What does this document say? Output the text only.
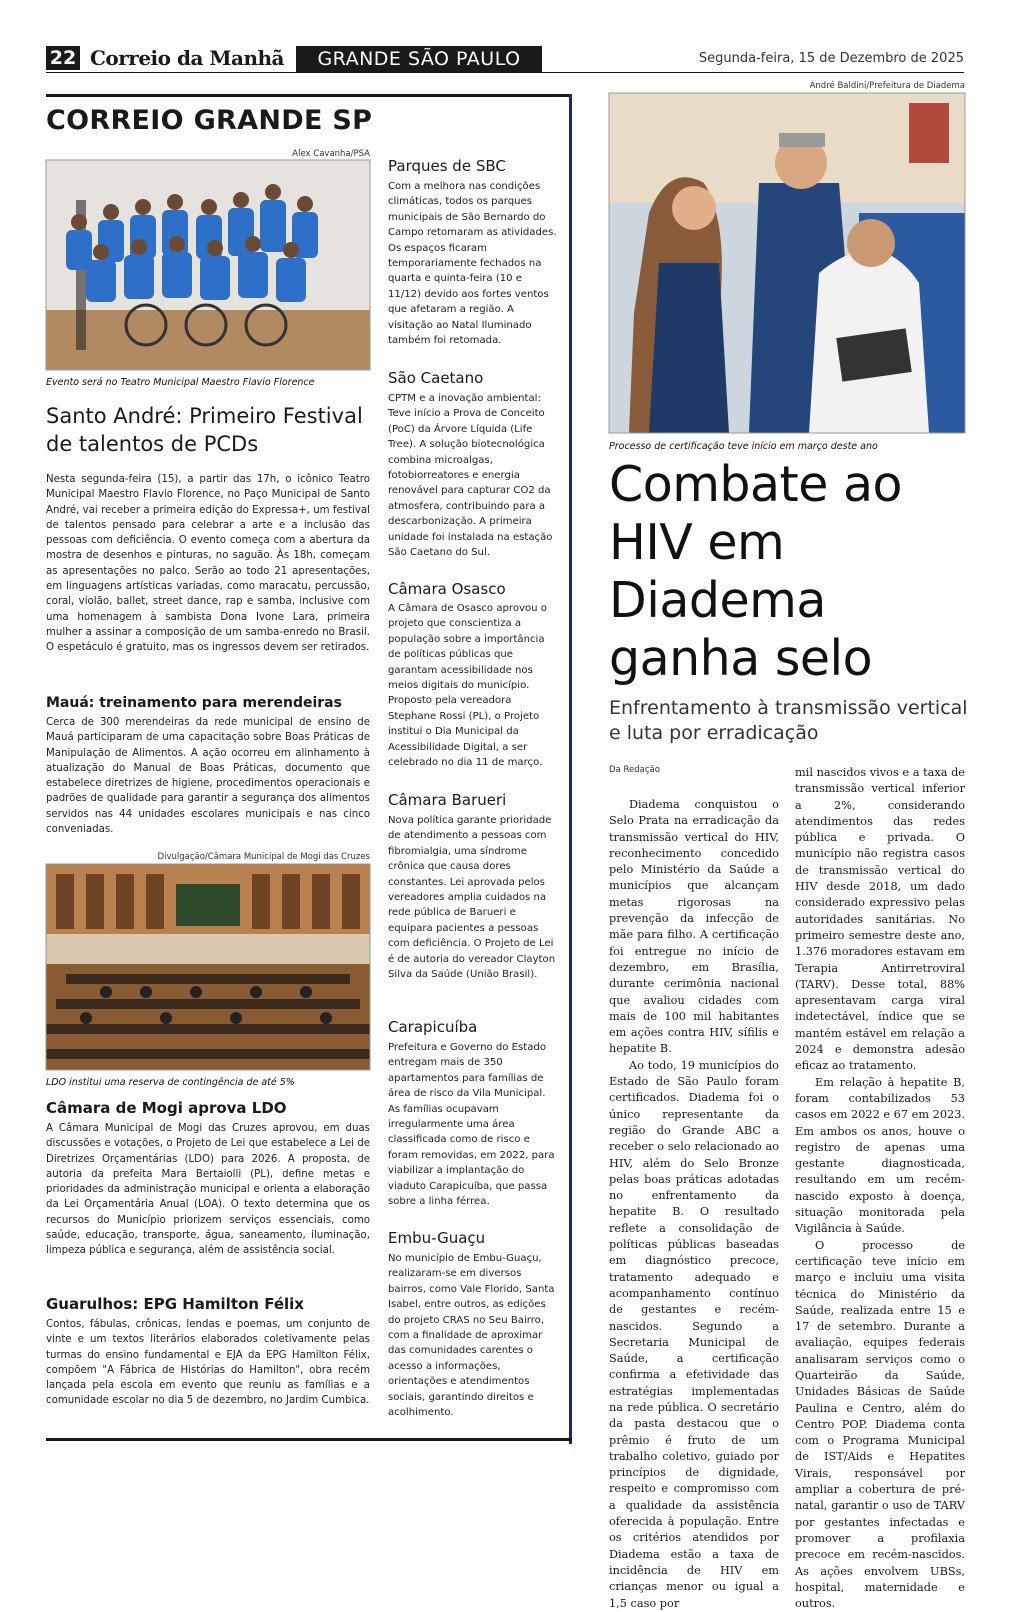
22 Correio da Manhã	GRANDE SÃO PAULO	Segunda-feira, 15 de Dezembro de 2025
CORREIO GRANDE SP
Alex Cavanha/PSA
Evento será no Teatro Municipal Maestro Flavio Florence
Santo André: Primeiro Festival de talentos de PCDs
Nesta segunda-feira (15), a partir das 17h, o icônico Teatro Municipal Maestro Flavio Florence, no Paço Municipal de Santo André, vai receber a primeira edição do Expressa+, um festival de talentos pensado para celebrar a arte e a inclusão das pessoas com deficiência. O evento começa com a abertura da mostra de desenhos e pinturas, no saguão. Às 18h, começam as apresentações no palco. Serão ao todo 21 apresentações, em linguagens artísticas variadas, como maracatu, percussão, coral, violão, ballet, street dance, rap e samba, inclusive com uma homenagem à sambista Dona Ivone Lara, primeira mulher a assinar a composição de um samba-enredo no Brasil. O espetáculo é gratuito, mas os ingressos devem ser retirados.
Mauá: treinamento para merendeiras
Cerca de 300 merendeiras da rede municipal de ensino de Mauá participaram de uma capacitação sobre Boas Práticas de Manipulação de Alimentos. A ação ocorreu em alinhamento à atualização do Manual de Boas Práticas, documento que estabelece diretrizes de higiene, procedimentos operacionais e padrões de qualidade para garantir a segurança dos alimentos servidos nas 44 unidades escolares municipais e nas cinco conveniadas.
Divulgação/Câmara Municipal de Mogi das Cruzes
LDO institui uma reserva de contingência de até 5%
Câmara de Mogi aprova LDO
A Câmara Municipal de Mogi das Cruzes aprovou, em duas discussões e votações, o Projeto de Lei que estabelece a Lei de Diretrizes Orçamentárias (LDO) para 2026. A proposta, de autoria da prefeita Mara Bertaiolli (PL), define metas e prioridades da administração municipal e orienta a elaboração da Lei Orçamentária Anual (LOA). O texto determina que os recursos do Município priorizem serviços essenciais, como saúde, educação, transporte, água, saneamento, iluminação, limpeza pública e segurança, além de assistência social.
Guarulhos: EPG Hamilton Félix
Contos, fábulas, crônicas, lendas e poemas, um conjunto de vinte e um textos literários elaborados coletivamente pelas turmas do ensino fundamental e EJA da EPG Hamilton Félix, compõem "A Fábrica de Histórias do Hamilton", obra recém lançada pela escola em evento que reuniu as famílias e a comunidade escolar no dia 5 de dezembro, no Jardim Cumbica.
Parques de SBC
Com a melhora nas condições climáticas, todos os parques municipais de São Bernardo do Campo retomaram as atividades. Os espaços ficaram temporariamente fechados na quarta e quinta-feira (10 e 11/12) devido aos fortes ventos que afetaram a região. A visitação ao Natal Iluminado também foi retomada.
São Caetano
CPTM e a inovação ambiental: Teve início a Prova de Conceito (PoC) da Árvore Líquida (Life Tree). A solução biotecnológica combina microalgas, fotobiorreatores e energia renovável para capturar CO2 da atmosfera, contribuindo para a descarbonização. A primeira unidade foi instalada na estação São Caetano do Sul.
Câmara Osasco
A Câmara de Osasco aprovou o projeto que conscientiza a população sobre a importância de políticas públicas que garantam acessibilidade nos meios digitais do município. Proposto pela vereadora Stephane Rossi (PL), o Projeto institui o Dia Municipal da Acessibilidade Digital, a ser celebrado no dia 11 de março.
Câmara Barueri
Nova política garante prioridade de atendimento a pessoas com fibromialgia, uma síndrome crônica que causa dores constantes. Lei aprovada pelos vereadores amplia cuidados na rede pública de Barueri e equipara pacientes a pessoas com deficiência. O Projeto de Lei é de autoria do vereador Clayton Silva da Saúde (União Brasil).
Carapicuíba
Prefeitura e Governo do Estado entregam mais de 350 apartamentos para famílias de área de risco da Vila Municipal. As famílias ocupavam irregularmente uma área classificada como de risco e foram removidas, em 2022, para viabilizar a implantação do viaduto Carapicuíba, que passa sobre a linha férrea.
Embu-Guaçu
No município de Embu-Guaçu, realizaram-se em diversos bairros, como Vale Florido, Santa Isabel, entre outros, as edições do projeto CRAS no Seu Bairro, com a finalidade de aproximar das comunidades carentes o acesso a informações, orientações e atendimentos sociais, garantindo direitos e acolhimento.
André Baldini/Prefeitura de Diadema
Processo de certificação teve início em março deste ano
Combate ao HIV em Diadema ganha selo
Enfrentamento à transmissão vertical e luta por erradicação
Da Redação

Diadema conquistou o Selo Prata na erradicação da transmissão vertical do HIV, reconhecimento concedido pelo Ministério da Saúde a municípios que alcançam metas rigorosas na prevenção da infecção de mãe para filho. A certificação foi entregue no início de dezembro, em Brasília, durante cerimônia nacional que avaliou cidades com mais de 100 mil habitantes em ações contra HIV, sífilis e hepatite B.

Ao todo, 19 municípios do Estado de São Paulo foram certificados. Diadema foi o único representante da região do Grande ABC a receber o selo relacionado ao HIV, além do Selo Bronze pelas boas práticas adotadas no enfrentamento da hepatite B. O resultado reflete a consolidação de políticas públicas baseadas em diagnóstico precoce, tratamento adequado e acompanhamento contínuo de gestantes e recém-nascidos. Segundo a Secretaria Municipal de Saúde, a certificação confirma a efetividade das estratégias implementadas na rede pública. O secretário da pasta destacou que o prêmio é fruto de um trabalho coletivo, guiado por princípios de dignidade, respeito e compromisso com a qualidade da assistência oferecida à população. Entre os critérios atendidos por Diadema estão a taxa de incidência de HIV em crianças menor ou igual a 1,5 caso por

mil nascidos vivos e a taxa de transmissão vertical inferior a 2%, considerando atendimentos das redes pública e privada. O município não registra casos de transmissão vertical do HIV desde 2018, um dado considerado expressivo pelas autoridades sanitárias. No primeiro semestre deste ano, 1.376 moradores estavam em Terapia Antirretroviral (TARV). Desse total, 88% apresentavam carga viral indetectável, índice que se mantém estável em relação a 2024 e demonstra adesão eficaz ao tratamento.

Em relação à hepatite B, foram contabilizados 53 casos em 2022 e 67 em 2023. Em ambos os anos, houve o registro de apenas uma gestante diagnosticada, resultando em um recém-nascido exposto à doença, situação monitorada pela Vigilância à Saúde.

O processo de certificação teve início em março e incluiu uma visita técnica do Ministério da Saúde, realizada entre 15 e 17 de setembro. Durante a avaliação, equipes federais analisaram serviços como o Quarteirão da Saúde, Unidades Básicas de Saúde Paulina e Centro, além do Centro POP. Diadema conta com o Programa Municipal de IST/Aids e Hepatites Virais, responsável por ampliar a cobertura de pré-natal, garantir o uso de TARV por gestantes infectadas e promover a profilaxia precoce em recém-nascidos. As ações envolvem UBSs, hospital, maternidade e outros.
